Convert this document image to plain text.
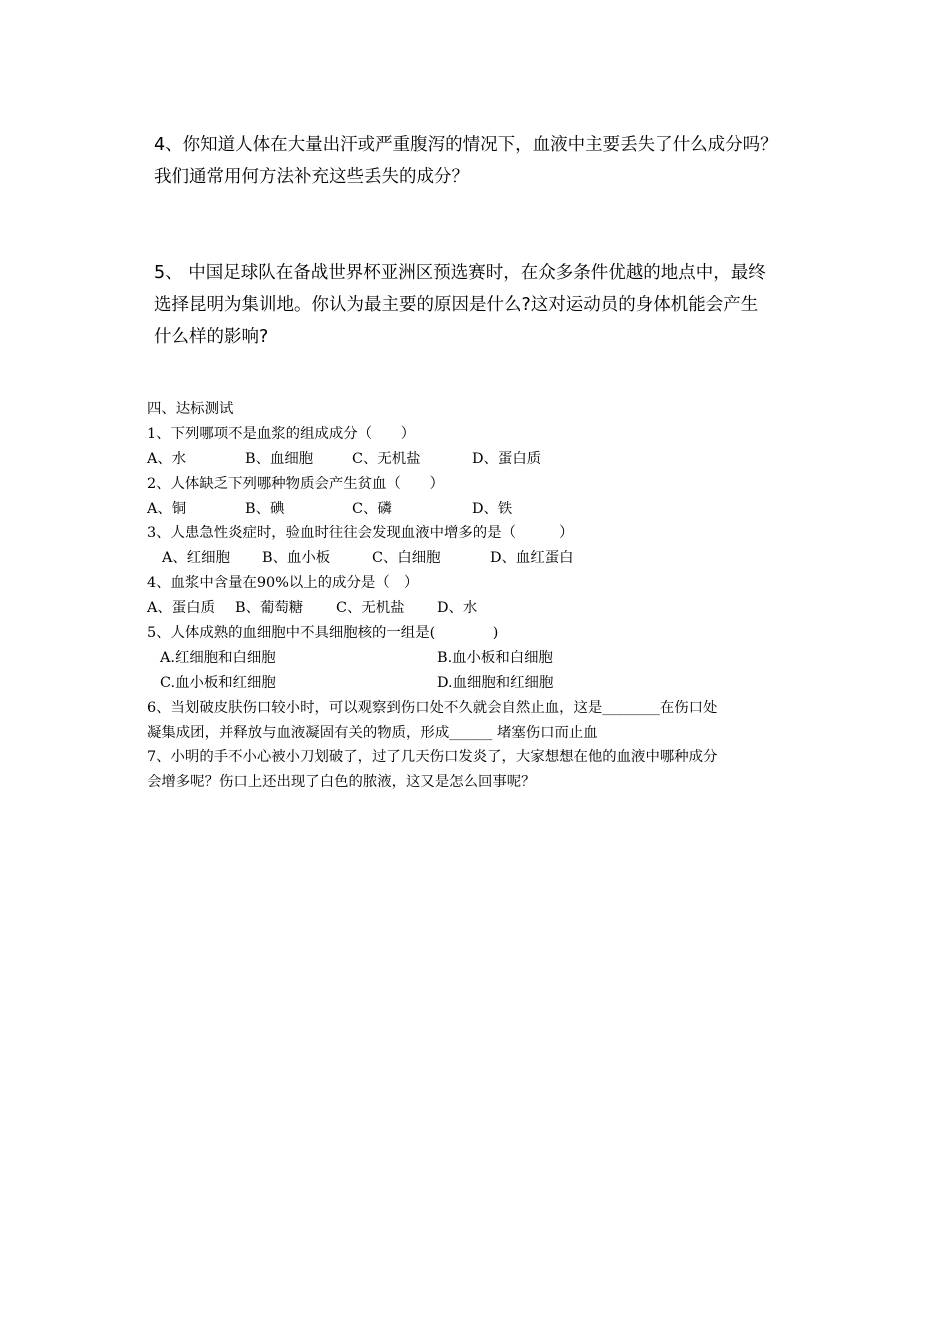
4、你知道人体在大量出汗或严重腹泻的情况下，血液中主要丢失了什么成分吗？
我们通常用何方法补充这些丢失的成分？
5、 中国足球队在备战世界杯亚洲区预选赛时，在众多条件优越的地点中，最终
选择昆明为集训地。你认为最主要的原因是什么?这对运动员的身体机能会产生
什么样的影响?
四、达标测试
1、下列哪项不是血浆的组成成分（　　）
A、水	B、血细胞	C、无机盐	D、蛋白质
2、人体缺乏下列哪种物质会产生贫血（　　）
A、铜	B、碘	C、磷	D、铁
3、人患急性炎症时，验血时往往会发现血液中增多的是（　　　）
A、红细胞 B、血小板	C、白细胞	D、血红蛋白
4、血浆中含量在90%以上的成分是（　）
A、蛋白质 B、葡萄糖 C、无机盐 D、水
5、人体成熟的血细胞中不具细胞核的一组是(　　　　)
A.红细胞和白细胞	B.血小板和白细胞
C.血小板和红细胞	D.血细胞和红细胞
6、当划破皮肤伤口较小时，可以观察到伤口处不久就会自然止血，这是________在伤口处
凝集成团，并释放与血液凝固有关的物质，形成______ 堵塞伤口而止血
7、小明的手不小心被小刀划破了，过了几天伤口发炎了，大家想想在他的血液中哪种成分
会增多呢？伤口上还出现了白色的脓液，这又是怎么回事呢？
